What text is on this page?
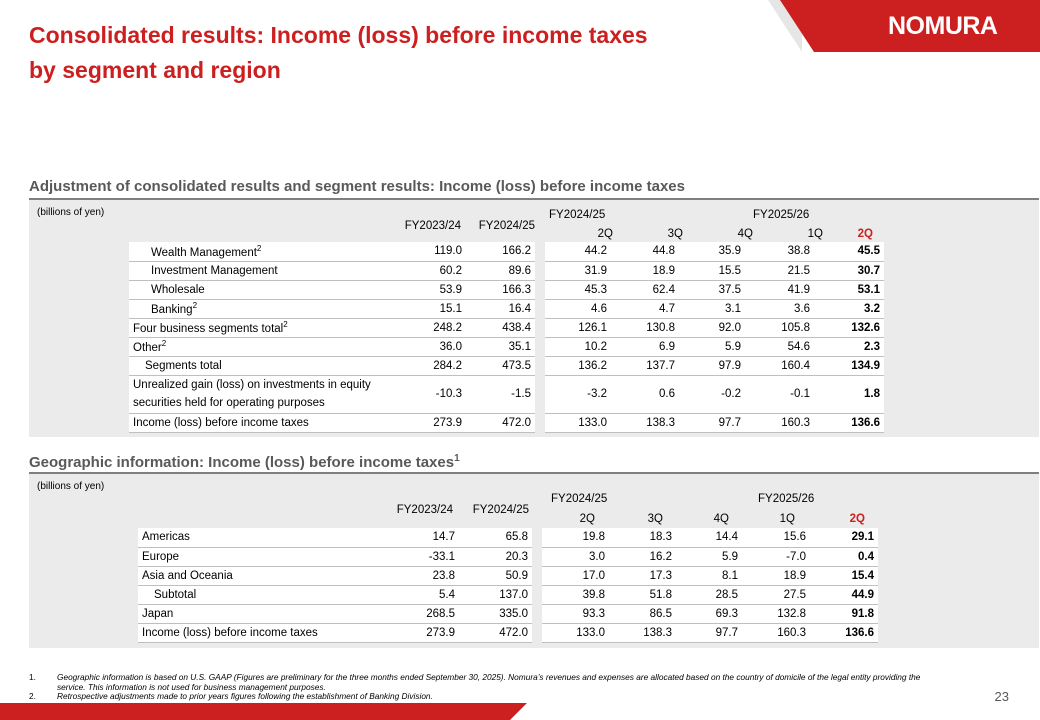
Consolidated results: Income (loss) before income taxes
by segment and region
NOMURA
Adjustment of consolidated results and segment results: Income (loss) before income taxes
(billions of yen)
FY2023/24	FY2024/25
FY2024/25	FY2025/26
2Q	3Q	4Q	1Q	2Q
Wealth Management$^2$	119.0	166.2		44.2	44.8	35.9	38.8	45.5
Investment Management	60.2	89.6		31.9	18.9	15.5	21.5	30.7
Wholesale	53.9	166.3		45.3	62.4	37.5	41.9	53.1
Banking$^2$	15.1	16.4		4.6	4.7	3.1	3.6	3.2
Four business segments total$^2$	248.2	438.4		126.1	130.8	92.0	105.8	132.6
Other$^2$	36.0	35.1		10.2	6.9	5.9	54.6	2.3
Segments total	284.2	473.5		136.2	137.7	97.9	160.4	134.9

Unrealized gain (loss) on investments in equity
securities held for operating purposes	-10.3	-1.5		-3.2	0.6	-0.2	-0.1	1.8
Income (loss) before income taxes	273.9	472.0		133.0	138.3	97.7	160.3	136.6
Geographic information: Income (loss) before income taxes$^1$
(billions of yen)
FY2023/24	FY2024/25
FY2024/25	FY2025/26
2Q	3Q	4Q	1Q	2Q
Americas	14.7	65.8		19.8	18.3	14.4	15.6	29.1
Europe	-33.1	20.3		3.0	16.2	5.9	-7.0	0.4
Asia and Oceania	23.8	50.9		17.0	17.3	8.1	18.9	15.4
Subtotal	5.4	137.0		39.8	51.8	28.5	27.5	44.9
Japan	268.5	335.0		93.3	86.5	69.3	132.8	91.8
Income (loss) before income taxes	273.9	472.0		133.0	138.3	97.7	160.3	136.6
1.	Geographic information is based on U.S. GAAP (Figures are preliminary for the three months ended September 30, 2025). Nomura’s revenues and expenses are allocated based on the country of domicile of the legal entity providing the service. This information is not used for business management purposes.
2.	Retrospective adjustments made to prior years figures following the establishment of Banking Division.	23
